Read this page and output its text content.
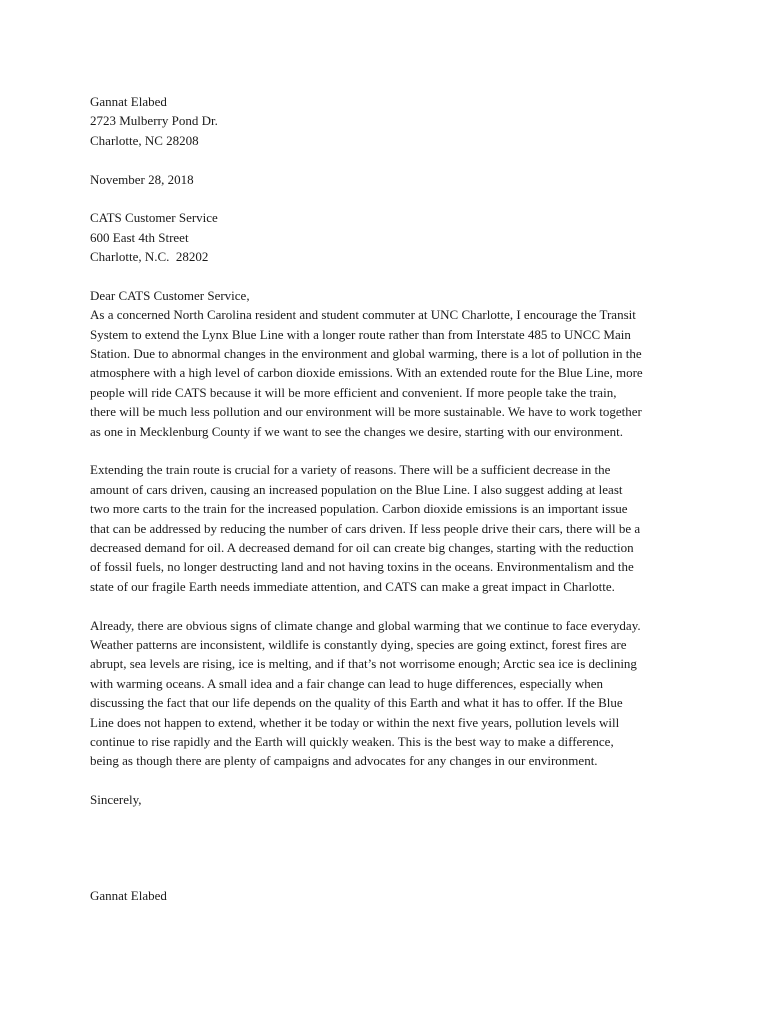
Gannat Elabed
2723 Mulberry Pond Dr.
Charlotte, NC 28208
November 28, 2018
CATS Customer Service
600 East 4th Street
Charlotte, N.C.  28202
Dear CATS Customer Service,
As a concerned North Carolina resident and student commuter at UNC Charlotte, I encourage the Transit
System to extend the Lynx Blue Line with a longer route rather than from Interstate 485 to UNCC Main
Station. Due to abnormal changes in the environment and global warming, there is a lot of pollution in the
atmosphere with a high level of carbon dioxide emissions. With an extended route for the Blue Line, more
people will ride CATS because it will be more efficient and convenient. If more people take the train,
there will be much less pollution and our environment will be more sustainable. We have to work together
as one in Mecklenburg County if we want to see the changes we desire, starting with our environment.
Extending the train route is crucial for a variety of reasons. There will be a sufficient decrease in the
amount of cars driven, causing an increased population on the Blue Line. I also suggest adding at least
two more carts to the train for the increased population. Carbon dioxide emissions is an important issue
that can be addressed by reducing the number of cars driven. If less people drive their cars, there will be a
decreased demand for oil. A decreased demand for oil can create big changes, starting with the reduction
of fossil fuels, no longer destructing land and not having toxins in the oceans. Environmentalism and the
state of our fragile Earth needs immediate attention, and CATS can make a great impact in Charlotte.
Already, there are obvious signs of climate change and global warming that we continue to face everyday.
Weather patterns are inconsistent, wildlife is constantly dying, species are going extinct, forest fires are
abrupt, sea levels are rising, ice is melting, and if that’s not worrisome enough; Arctic sea ice is declining
with warming oceans. A small idea and a fair change can lead to huge differences, especially when
discussing the fact that our life depends on the quality of this Earth and what it has to offer. If the Blue
Line does not happen to extend, whether it be today or within the next five years, pollution levels will
continue to rise rapidly and the Earth will quickly weaken. This is the best way to make a difference,
being as though there are plenty of campaigns and advocates for any changes in our environment.
Sincerely,
Gannat Elabed
